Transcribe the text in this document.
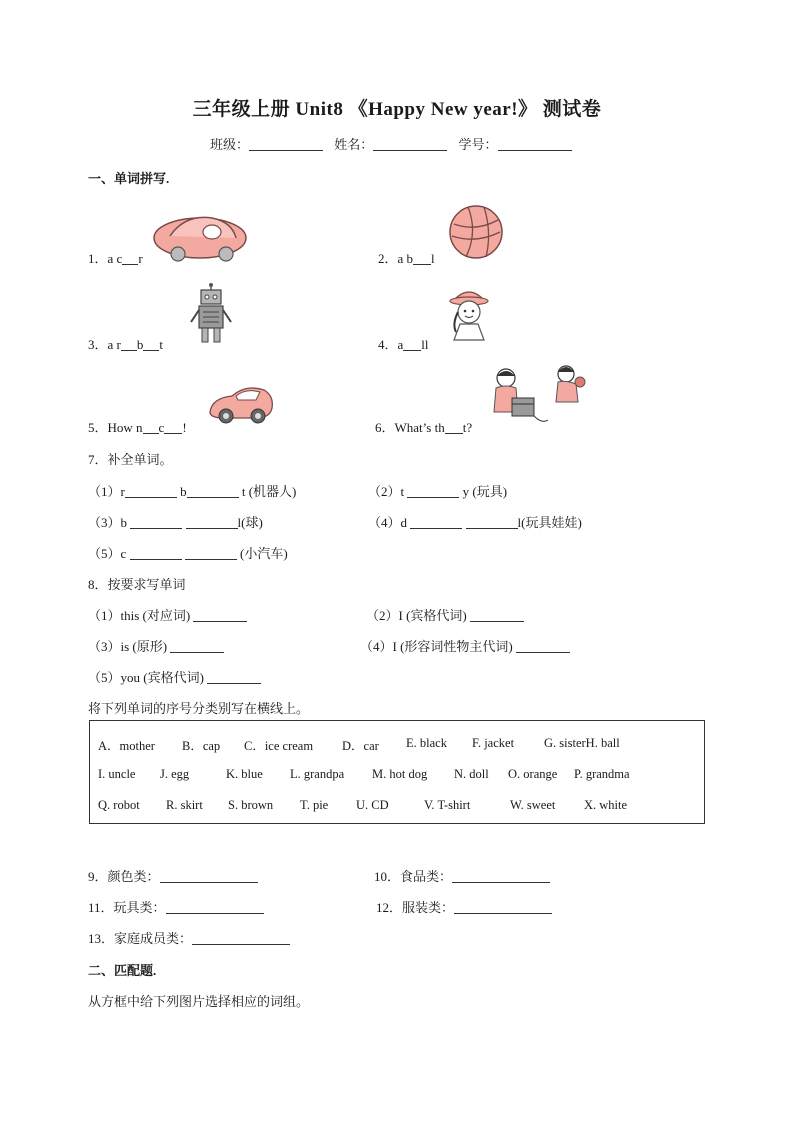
三年级上册 Unit8 《Happy New year!》 测试卷
班级：	姓名：	学号：
一、单词拼写.
1．a c r	2．a b l
3．a r b t	4．a ll
5．How n c !	6．What’s th t?
7．补全单词。
（1）r	b	t (机器人)	（2）t	y (玩具)
（3）b	l(球)	（4）d	l(玩具娃娃)
（5）c	(小汽车)
8．按要求写单词
（1）this (对应词)	（2）I (宾格代词)
（3）is (原形)	（4）I (形容词性物主代词)
（5）you (宾格代词)
将下列单词的序号分类别写在横线上。
A．mother B．cap C．ice cream D．car E. black F. jacket G. sisterH. ball
I. uncle J. egg	K. blue L. grandpa M. hot dog N. doll O. orange P. grandma
Q. robot R. skirt S. brown T. pie U. CD	V. T-shirt	W. sweet X. white
9．颜色类：	10．食品类：
11．玩具类：	12．服装类：
13．家庭成员类：
二、匹配题.
从方框中给下列图片选择相应的词组。
